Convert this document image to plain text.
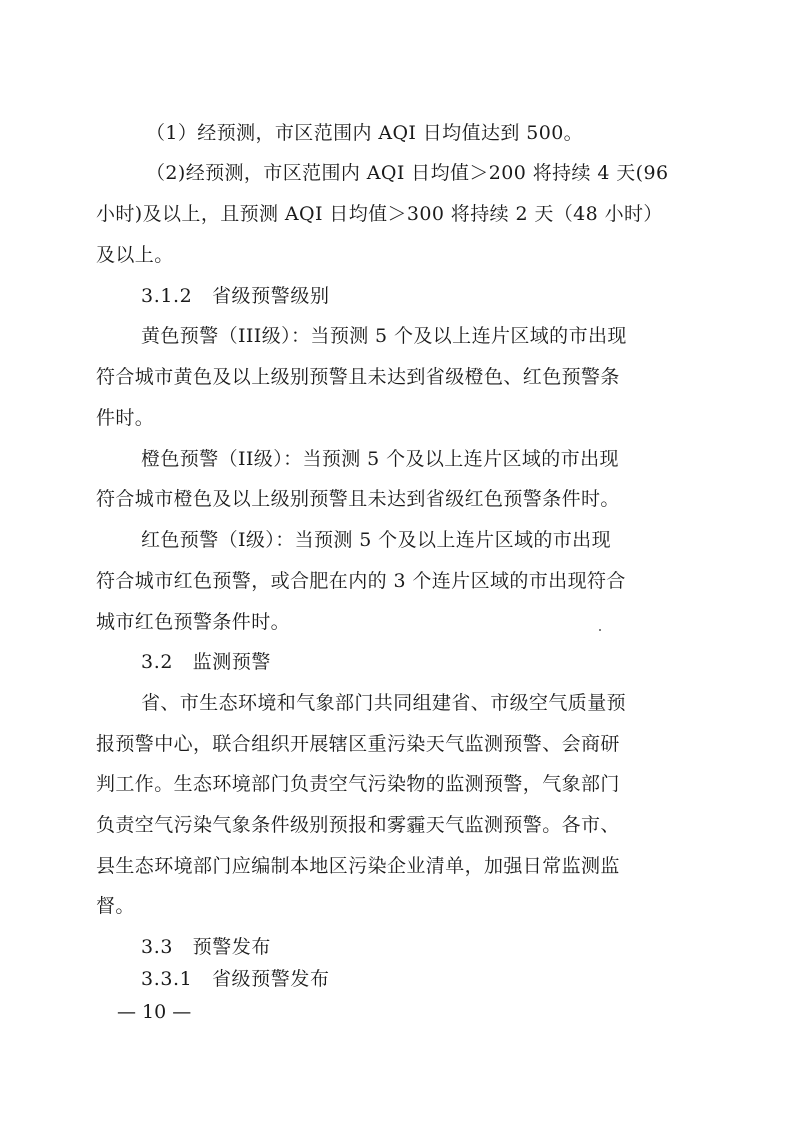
（1）经预测，市区范围内 AQI 日均值达到 500。
（2)经预测，市区范围内 AQI 日均值＞200 将持续 4 天(96
小时)及以上，且预测 AQI 日均值＞300 将持续 2 天（48 小时）
及以上。
3.1.2　省级预警级别
黄色预警（III级）：当预测 5 个及以上连片区域的市出现
符合城市黄色及以上级别预警且未达到省级橙色、红色预警条
件时。
橙色预警（II级）：当预测 5 个及以上连片区域的市出现
符合城市橙色及以上级别预警且未达到省级红色预警条件时。
红色预警（I级）：当预测 5 个及以上连片区域的市出现
符合城市红色预警，或合肥在内的 3 个连片区域的市出现符合
城市红色预警条件时。
3.2　监测预警
省、市生态环境和气象部门共同组建省、市级空气质量预
报预警中心，联合组织开展辖区重污染天气监测预警、会商研
判工作。生态环境部门负责空气污染物的监测预警，气象部门
负责空气污染气象条件级别预报和雾霾天气监测预警。各市、
县生态环境部门应编制本地区污染企业清单，加强日常监测监
督。
3.3　预警发布
3.3.1　省级预警发布
— 10 —
